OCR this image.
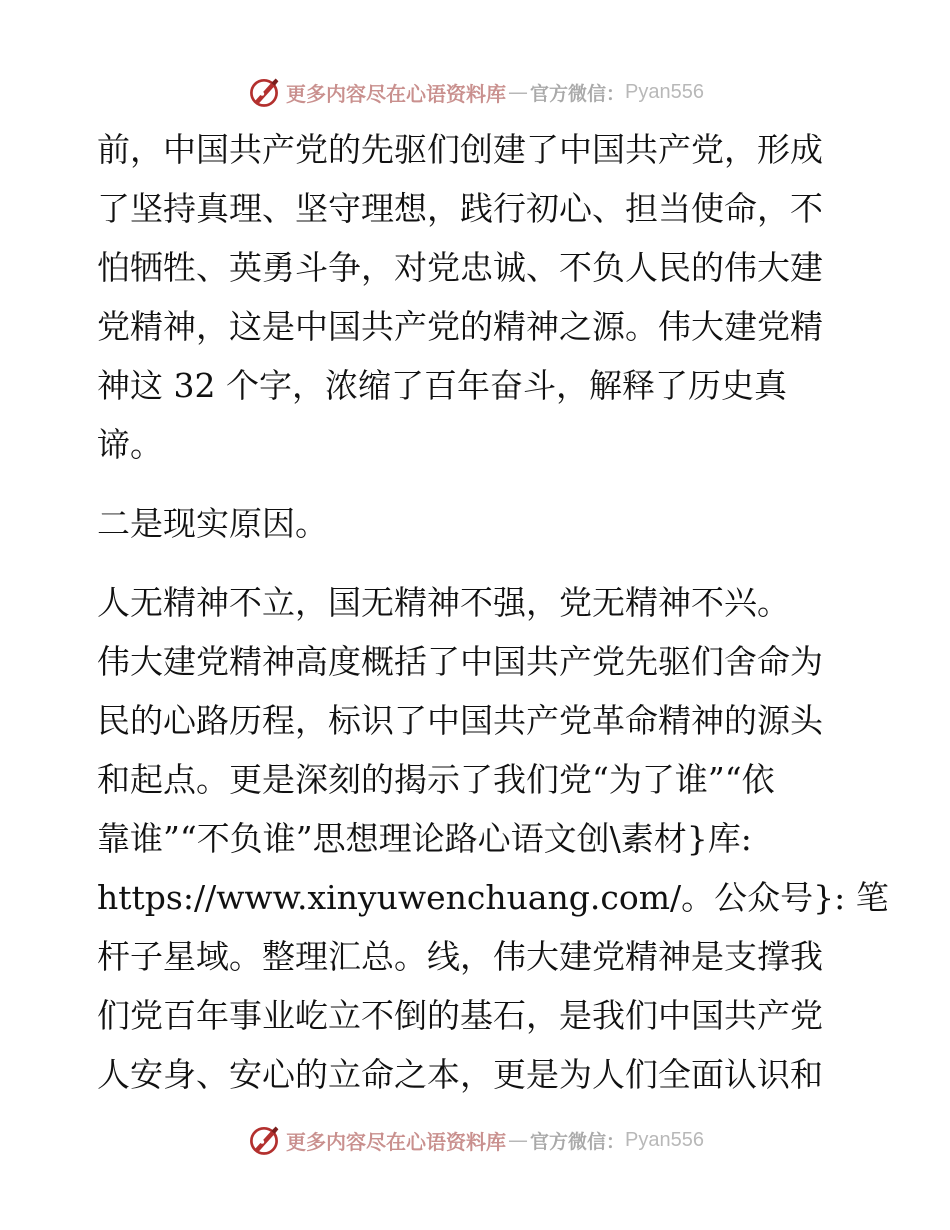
更多内容尽在心语资料库 — 官方微信： Pyan556
前，中国共产党的先驱们创建了中国共产党，形成
了坚持真理、坚守理想，践行初心、担当使命，不
怕牺牲、英勇斗争，对党忠诚、不负人民的伟大建
党精神，这是中国共产党的精神之源。伟大建党精
神这 32 个字，浓缩了百年奋斗，解释了历史真
谛。
二是现实原因。
人无精神不立，国无精神不强，党无精神不兴。
伟大建党精神高度概括了中国共产党先驱们舍命为
民的心路历程，标识了中国共产党革命精神的源头
和起点。更是深刻的揭示了我们党“为了谁”“依
靠谁”“不负谁”思想理论路心语文创\素材}库:
https://www.xinyuwenchuang.com/。公众号}: 笔
杆子星域。整理汇总。线，伟大建党精神是支撑我
们党百年事业屹立不倒的基石，是我们中国共产党
人安身、安心的立命之本，更是为人们全面认识和
更多内容尽在心语资料库 — 官方微信： Pyan556
